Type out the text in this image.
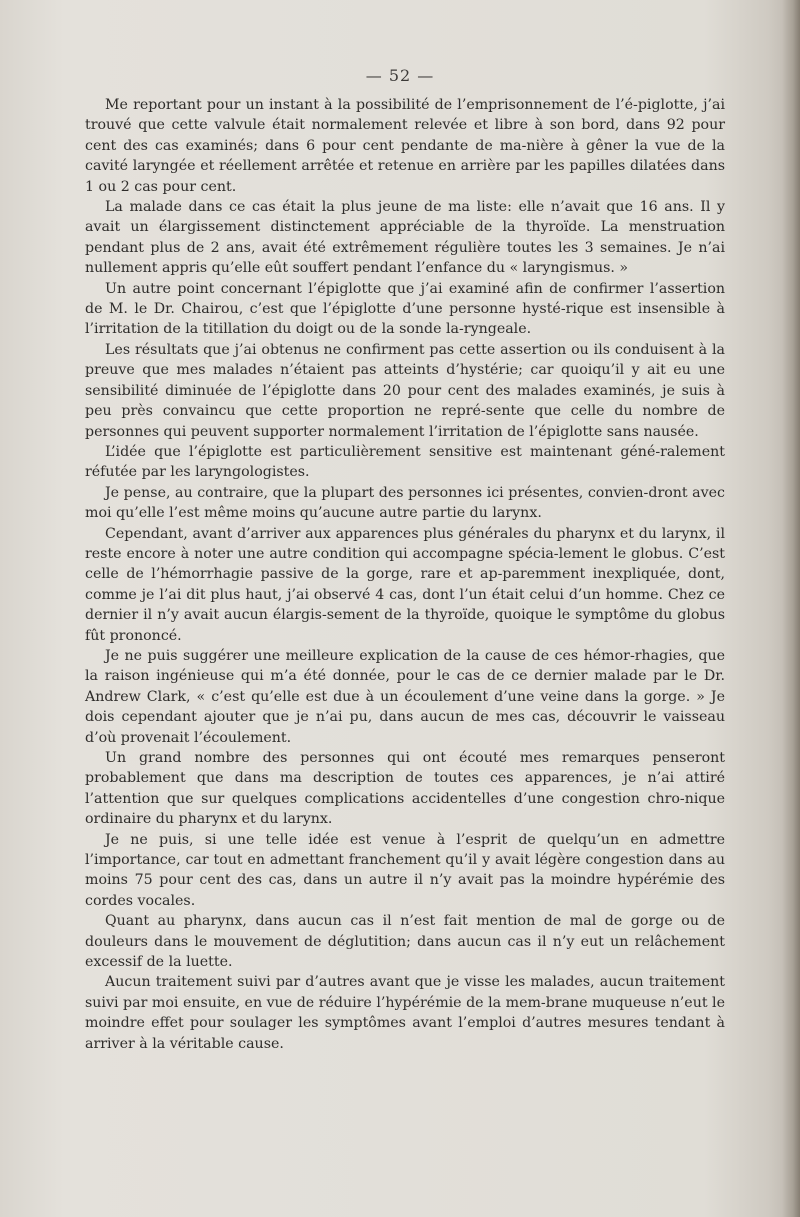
— 52 —

Me reportant pour un instant à la possibilité de l’emprisonnement de l’é-piglotte, j’ai trouvé que cette valvule était normalement relevée et libre à son bord, dans 92 pour cent des cas examinés; dans 6 pour cent pendante de ma-nière à gêner la vue de la cavité laryngée et réellement arrêtée et retenue en arrière par les papilles dilatées dans 1 ou 2 cas pour cent.

La malade dans ce cas était la plus jeune de ma liste: elle n’avait que 16 ans. Il y avait un élargissement distinctement appréciable de la thyroïde. La menstruation pendant plus de 2 ans, avait été extrêmement régulière toutes les 3 semaines. Je n’ai nullement appris qu’elle eût souffert pendant l’enfance du « laryngismus. »

Un autre point concernant l’épiglotte que j’ai examiné afin de confirmer l’assertion de M. le Dr. Chairou, c’est que l’épiglotte d’une personne hysté-rique est insensible à l’irritation de la titillation du doigt ou de la sonde la-ryngeale.

Les résultats que j’ai obtenus ne confirment pas cette assertion ou ils conduisent à la preuve que mes malades n’étaient pas atteints d’hystérie; car quoiqu’il y ait eu une sensibilité diminuée de l’épiglotte dans 20 pour cent des malades examinés, je suis à peu près convaincu que cette proportion ne repré-sente que celle du nombre de personnes qui peuvent supporter normalement l’irritation de l’épiglotte sans nausée.

L’idée que l’épiglotte est particulièrement sensitive est maintenant géné-ralement réfutée par les laryngologistes.

Je pense, au contraire, que la plupart des personnes ici présentes, convien-dront avec moi qu’elle l’est même moins qu’aucune autre partie du larynx.

Cependant, avant d’arriver aux apparences plus générales du pharynx et du larynx, il reste encore à noter une autre condition qui accompagne spécia-lement le globus. C’est celle de l’hémorrhagie passive de la gorge, rare et ap-paremment inexpliquée, dont, comme je l’ai dit plus haut, j’ai observé 4 cas, dont l’un était celui d’un homme. Chez ce dernier il n’y avait aucun élargis-sement de la thyroïde, quoique le symptôme du globus fût prononcé.

Je ne puis suggérer une meilleure explication de la cause de ces hémor-rhagies, que la raison ingénieuse qui m’a été donnée, pour le cas de ce dernier malade par le Dr. Andrew Clark, « c’est qu’elle est due à un écoulement d’une veine dans la gorge. » Je dois cependant ajouter que je n’ai pu, dans aucun de mes cas, découvrir le vaisseau d’où provenait l’écoulement.

Un grand nombre des personnes qui ont écouté mes remarques penseront probablement que dans ma description de toutes ces apparences, je n’ai attiré l’attention que sur quelques complications accidentelles d’une congestion chro-nique ordinaire du pharynx et du larynx.

Je ne puis, si une telle idée est venue à l’esprit de quelqu’un en admettre l’importance, car tout en admettant franchement qu’il y avait légère congestion dans au moins 75 pour cent des cas, dans un autre il n’y avait pas la moindre hypérémie des cordes vocales.

Quant au pharynx, dans aucun cas il n’est fait mention de mal de gorge ou de douleurs dans le mouvement de déglutition; dans aucun cas il n’y eut un relâchement excessif de la luette.

Aucun traitement suivi par d’autres avant que je visse les malades, aucun traitement suivi par moi ensuite, en vue de réduire l’hypérémie de la mem-brane muqueuse n’eut le moindre effet pour soulager les symptômes avant l’emploi d’autres mesures tendant à arriver à la véritable cause.
